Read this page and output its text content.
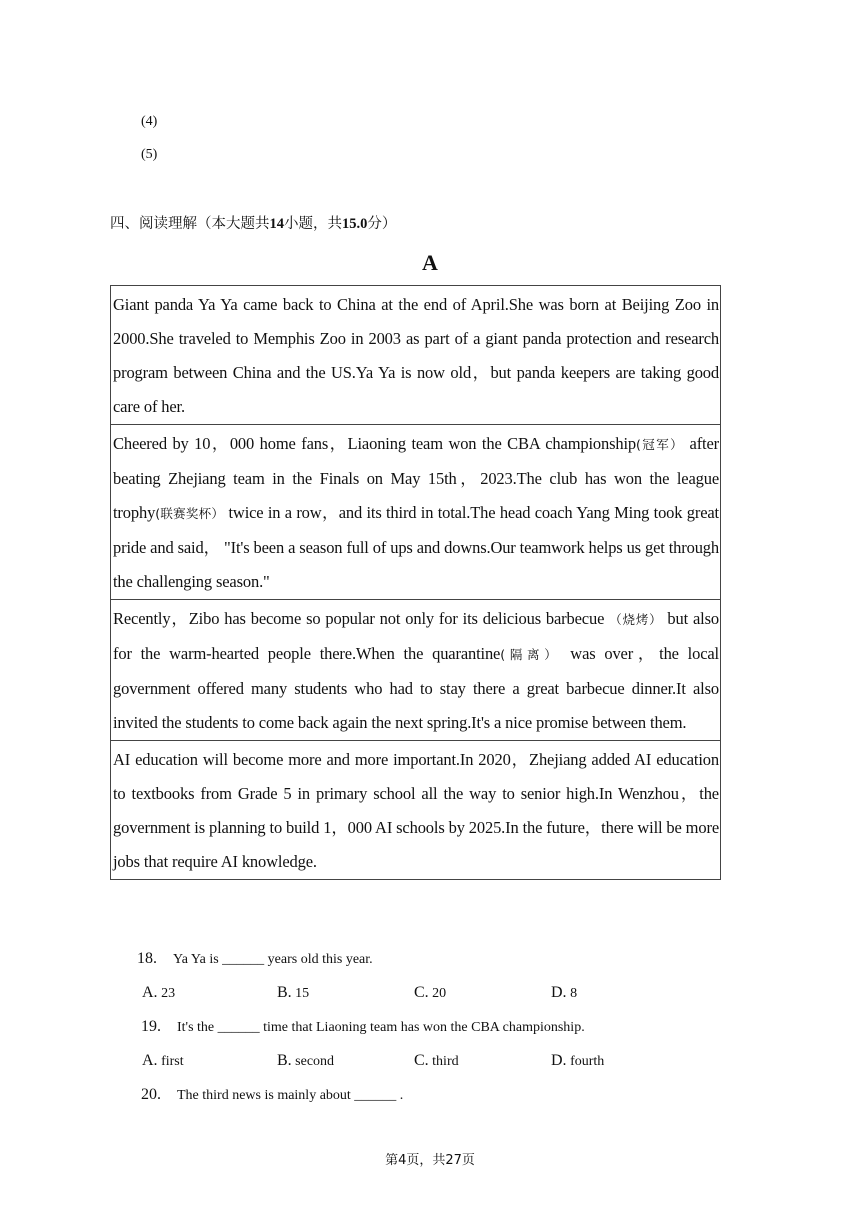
(4)
(5)
四、阅读理解（本大题共14小题，共15.0分）
A
Giant panda Ya Ya came back to China at the end of April.She was born at Beijing Zoo in 2000.She traveled to Memphis Zoo in 2003 as part of a giant panda protection and research program between China and the US.Ya Ya is now old，but panda keepers are taking good care of her.
Cheered by 10，000 home fans，Liaoning team won the CBA championship(冠军） after beating Zhejiang team in the Finals on May 15th，2023.The club has won the league trophy(联赛奖杯） twice in a row，and its third in total.The head coach Yang Ming took great pride and said， "It's been a season full of ups and downs.Our teamwork helps us get through the challenging season."
Recently，Zibo has become so popular not only for its delicious barbecue （烧烤） but also for the warm-hearted people there.When the quarantine(隔离） was over，the local government offered many students who had to stay there a great barbecue dinner.It also invited the students to come back again the next spring.It's a nice promise between them.
AI education will become more and more important.In 2020，Zhejiang added AI education to textbooks from Grade 5 in primary school all the way to senior high.In Wenzhou，the government is planning to build 1，000 AI schools by 2025.In the future，there will be more jobs that require AI knowledge.
18. Ya Ya is ______ years old this year.
A. 23	B. 15	C. 20	D. 8
19. It's the ______ time that Liaoning team has won the CBA championship.
A. first	B. second	C. third	D. fourth
20. The third news is mainly about ______ .
第4页，共27页
